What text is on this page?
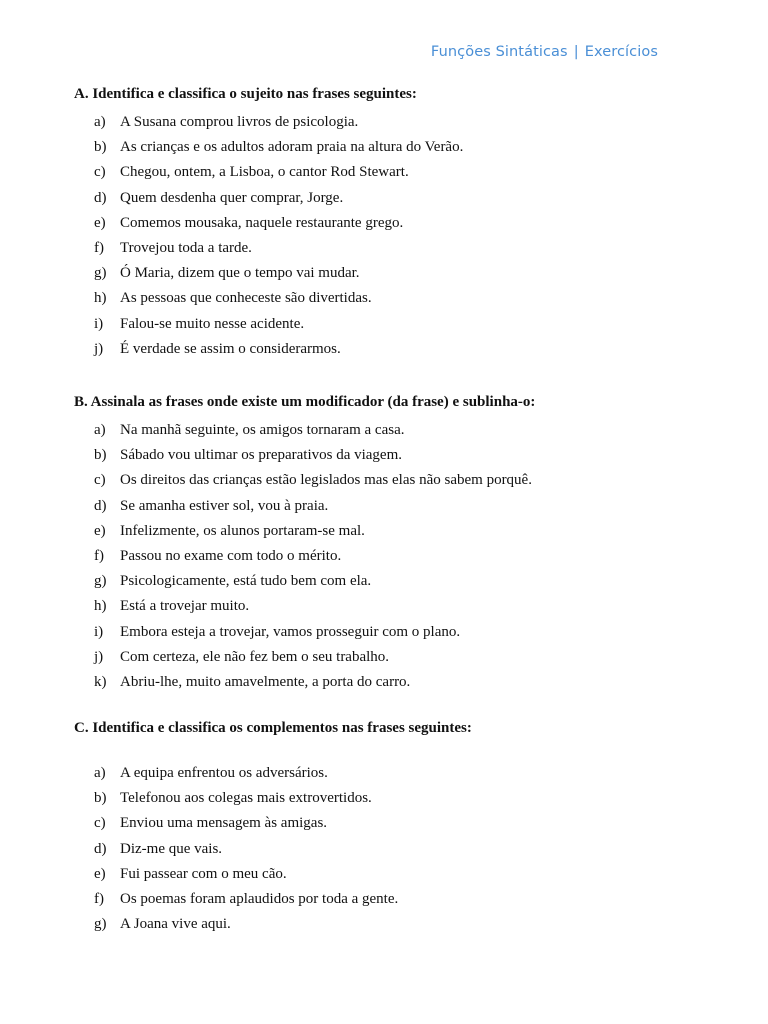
Funções Sintáticas | Exercícios
A. Identifica e classifica o sujeito nas frases seguintes:
a) A Susana comprou livros de psicologia.
b) As crianças e os adultos adoram praia na altura do Verão.
c) Chegou, ontem, a Lisboa, o cantor Rod Stewart.
d) Quem desdenha quer comprar, Jorge.
e) Comemos mousaka, naquele restaurante grego.
f)	Trovejou toda a tarde.
g) Ó Maria, dizem que o tempo vai mudar.
h) As pessoas que conheceste são divertidas.
i)	Falou-se muito nesse acidente.
j)	É verdade se assim o considerarmos.
B. Assinala as frases onde existe um modificador (da frase) e sublinha-o:
a) Na manhã seguinte, os amigos tornaram a casa.
b) Sábado vou ultimar os preparativos da viagem.
c) Os direitos das crianças estão legislados mas elas não sabem porquê.
d) Se amanha estiver sol, vou à praia.
e) Infelizmente, os alunos portaram-se mal.
f)	Passou no exame com todo o mérito.
g) Psicologicamente, está tudo bem com ela.
h) Está a trovejar muito.
i)	Embora esteja a trovejar, vamos prosseguir com o plano.
j)	Com certeza, ele não fez bem o seu trabalho.
k) Abriu-lhe, muito amavelmente, a porta do carro.
C. Identifica e classifica os complementos nas frases seguintes:
a) A equipa enfrentou os adversários.
b) Telefonou aos colegas mais extrovertidos.
c) Enviou uma mensagem às amigas.
d) Diz-me que vais.
e) Fui passear com o meu cão.
f)	Os poemas foram aplaudidos por toda a gente.
g) A Joana vive aqui.
